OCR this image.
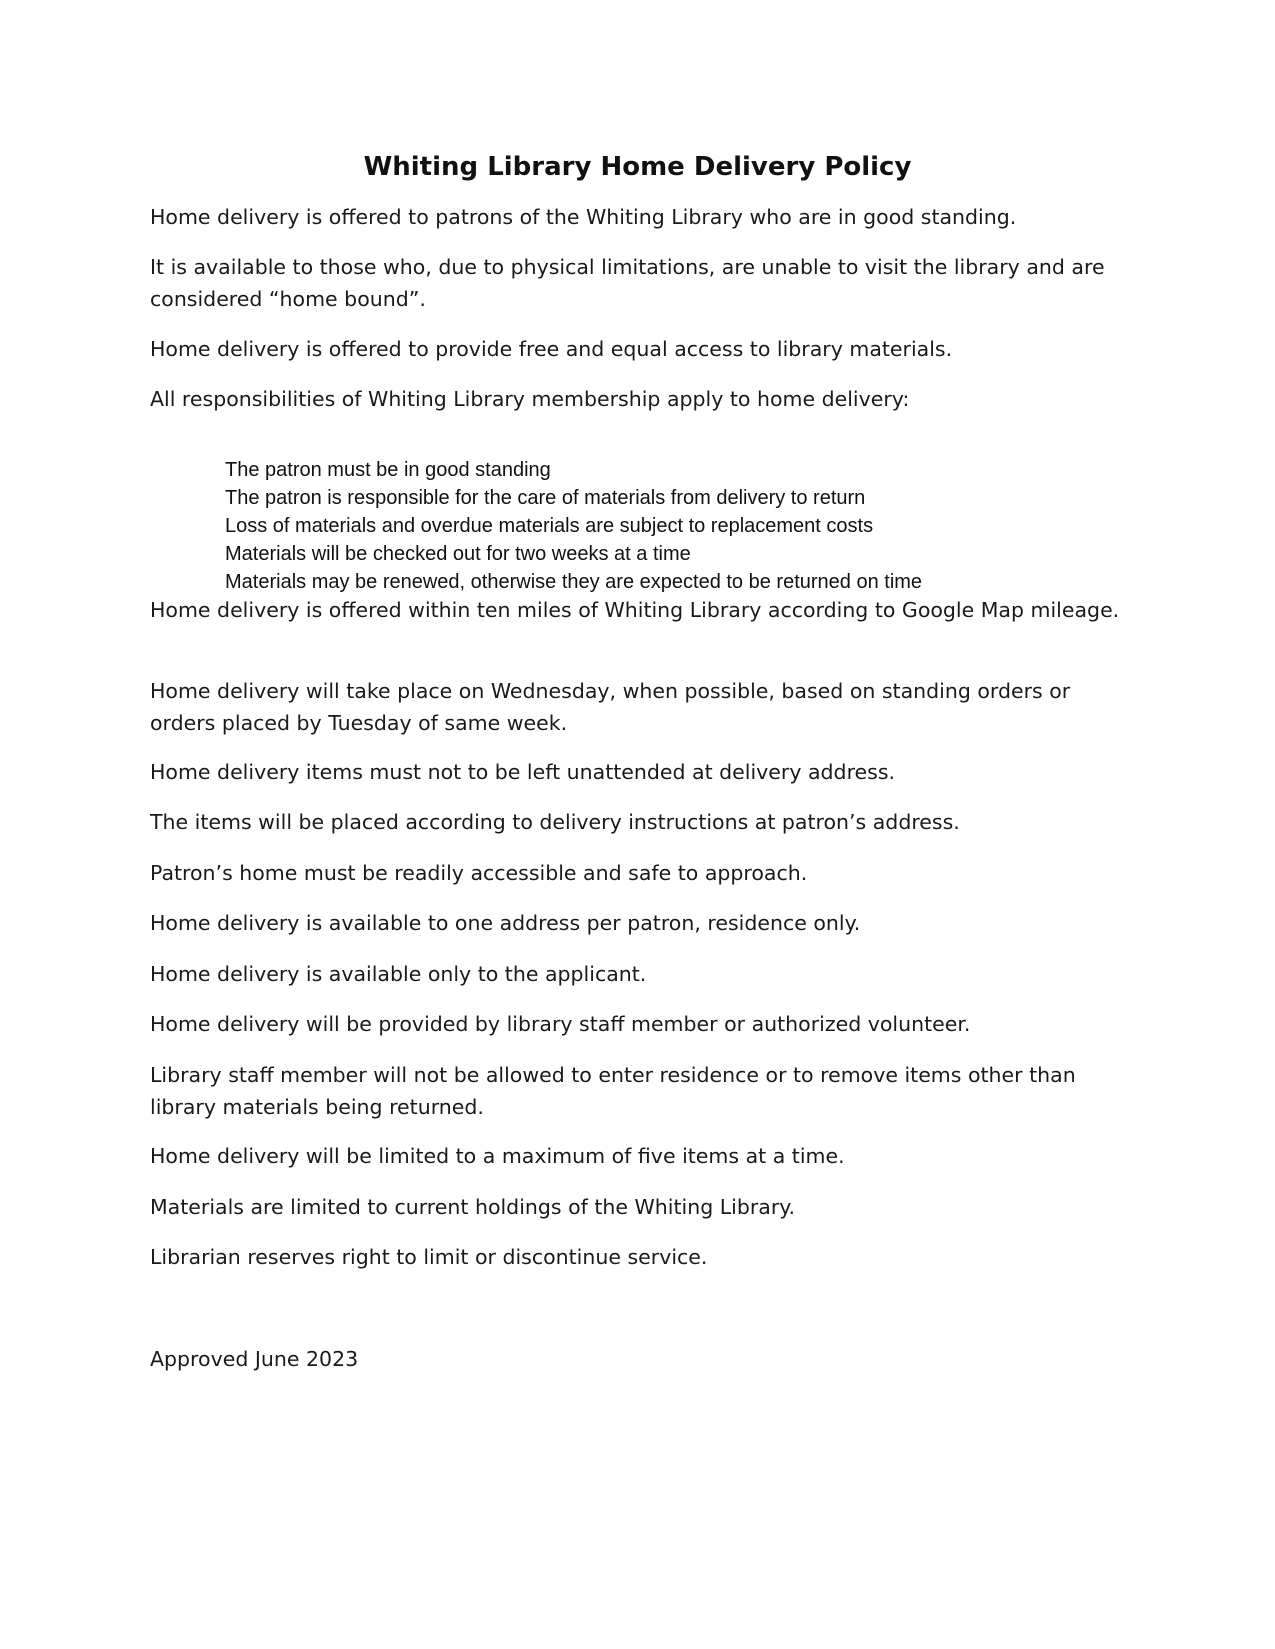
Whiting Library Home Delivery Policy

Home delivery is offered to patrons of the Whiting Library who are in good standing.

It is available to those who, due to physical limitations, are unable to visit the library and are considered “home bound”.

Home delivery is offered to provide free and equal access to library materials.

All responsibilities of Whiting Library membership apply to home delivery:

The patron must be in good standing
The patron is responsible for the care of materials from delivery to return
Loss of materials and overdue materials are subject to replacement costs
Materials will be checked out for two weeks at a time
Materials may be renewed, otherwise they are expected to be returned on time

Home delivery is offered within ten miles of Whiting Library according to Google Map mileage.

Home delivery will take place on Wednesday, when possible, based on standing orders or orders placed by Tuesday of same week.

Home delivery items must not to be left unattended at delivery address.

The items will be placed according to delivery instructions at patron’s address.

Patron’s home must be readily accessible and safe to approach.

Home delivery is available to one address per patron, residence only.

Home delivery is available only to the applicant.

Home delivery will be provided by library staff member or authorized volunteer.

Library staff member will not be allowed to enter residence or to remove items other than library materials being returned.

Home delivery will be limited to a maximum of five items at a time.

Materials are limited to current holdings of the Whiting Library.

Librarian reserves right to limit or discontinue service.

Approved June 2023
